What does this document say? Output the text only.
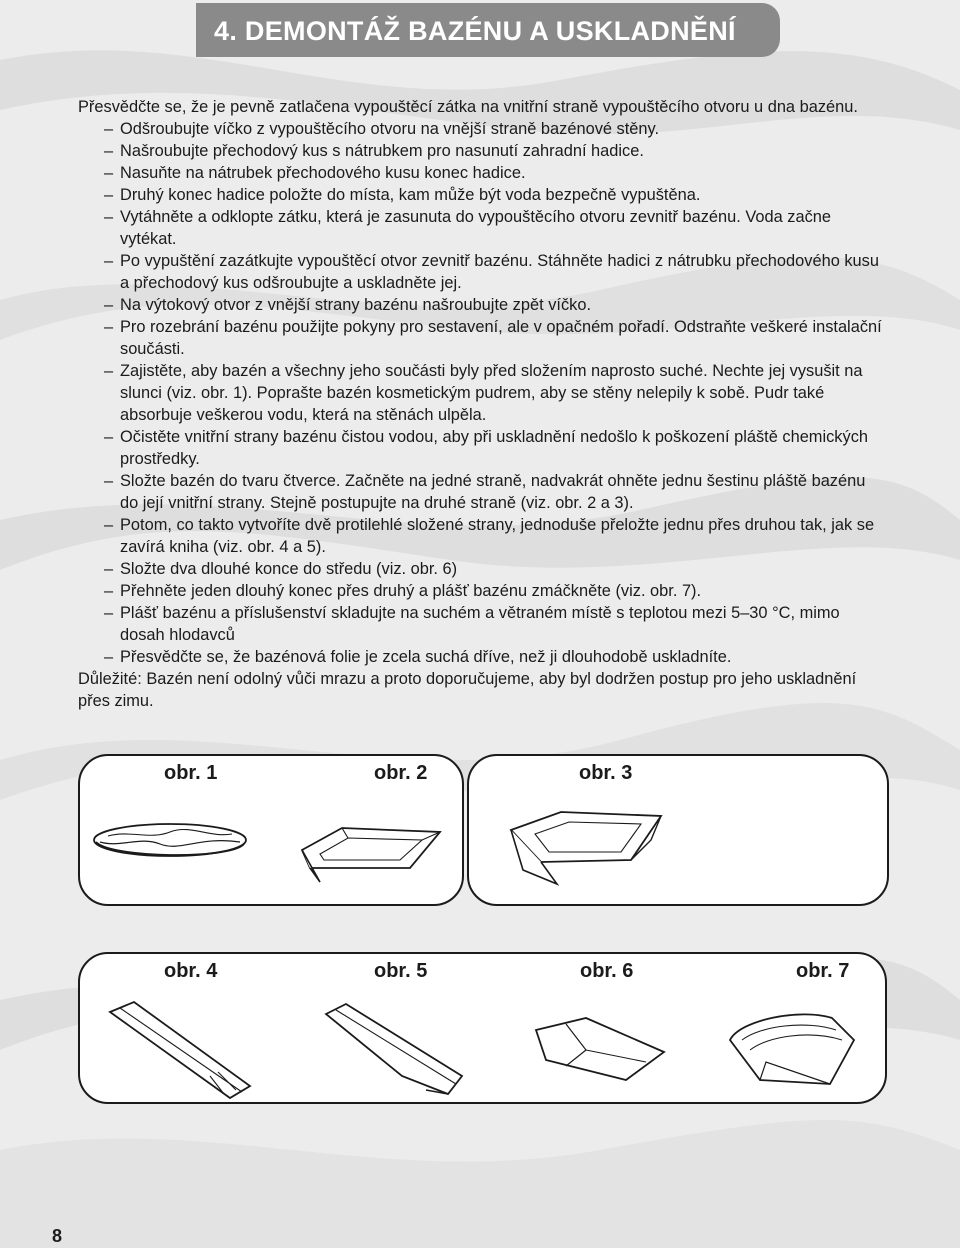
4. DEMONTÁŽ BAZÉNU A USKLADNĚNÍ

Přesvědčte se, že je pevně zatlačena vypouštěcí zátka na vnitřní straně vypouštěcího otvoru u dna bazénu.

– Odšroubujte víčko z vypouštěcího otvoru na vnější straně bazénové stěny.
– Našroubujte přechodový kus s nátrubkem pro nasunutí zahradní hadice.
– Nasuňte na nátrubek přechodového kusu konec hadice.
– Druhý konec hadice položte do místa, kam může být voda bezpečně vypuštěna.
– Vytáhněte a odklopte zátku, která je zasunuta do vypouštěcího otvoru zevnitř bazénu. Voda začne vytékat.
– Po vypuštění zazátkujte vypouštěcí otvor zevnitř bazénu. Stáhněte hadici z nátrubku přechodového kusu a přechodový kus odšroubujte a uskladněte jej.
– Na výtokový otvor z vnější strany bazénu našroubujte zpět víčko.
– Pro rozebrání bazénu použijte pokyny pro sestavení, ale v opačném pořadí. Odstraňte veškeré instalační součásti.
– Zajistěte, aby bazén a všechny jeho součásti byly před složením naprosto suché. Nechte jej vysušit na slunci (viz. obr. 1). Poprašte bazén kosmetickým pudrem, aby se stěny nelepily k sobě. Pudr také absorbuje veškerou vodu, která na stěnách ulpěla.
– Očistěte vnitřní strany bazénu čistou vodou, aby při uskladnění nedošlo k poškození pláště chemických prostředky.
– Složte bazén do tvaru čtverce. Začněte na jedné straně, nadvakrát ohněte jednu šestinu pláště bazénu do její vnitřní strany. Stejně postupujte na druhé straně (viz. obr. 2 a 3).
– Potom, co takto vytvoříte dvě protilehlé složené strany, jednoduše přeložte jednu přes druhou tak, jak se zavírá kniha (viz. obr. 4 a 5).
– Složte dva dlouhé konce do středu (viz. obr. 6)
– Přehněte jeden dlouhý konec přes druhý a plášť bazénu zmáčkněte (viz. obr. 7).
– Plášť bazénu a příslušenství skladujte na suchém a větraném místě s teplotou mezi 5–30 °C, mimo dosah hlodavců
– Přesvědčte se, že bazénová folie je zcela suchá dříve, než ji dlouhodobě uskladníte.

Důležité: Bazén není odolný vůči mrazu a proto doporučujeme, aby byl dodržen postup pro jeho uskladnění přes zimu.

obr. 1	obr. 2	obr. 3
obr. 4	obr. 5	obr. 6	obr. 7
8
